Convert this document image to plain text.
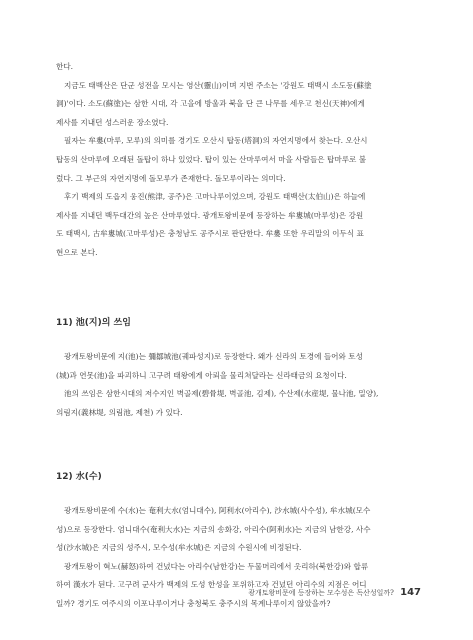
한다.
지금도 태백산은 단군 성전을 모시는 영산(靈山)이며 지번 주소는 '강원도 태백시 소도동(蘇塗
洞)'이다. 소도(蘇塗)는 삼한 시대, 각 고을에 방울과 북을 단 큰 나무를 세우고 천신(天神)에게
제사를 지내던 성스러운 장소였다.
필자는 牟婁(마루, 모루)의 의미를 경기도 오산시 탑동(塔洞)의 자연지명에서 찾는다. 오산시
탑동의 산마루에 오래된 돌탑이 하나 있었다. 탑이 있는 산마루여서 마을 사람들은 탑마루로 불
렀다. 그 부근의 자연지명에 돌모루가 존재한다. 돌모루이라는 의미다.
후기 백제의 도읍지 웅진(熊津, 공주)은 고마나루이었으며, 강원도 태백산(太伯山)은 하늘에
제사를 지내던 백두대간의 높은 산마루였다. 광개토왕비문에 등장하는 牟婁城(마루성)은 강원
도 태백시, 古牟婁城(고마루성)은 충청남도 공주시로 판단한다. 牟婁 또한 우리말의 이두식 표
현으로 본다.
11) 池(지)의 쓰임
광개토왕비문에 지(池)는 彌鄒城池(궤파성지)로 등장한다. 왜가 신라의 토경에 들어와 토성
(城)과 연못(池)을 파괴하니 고구려 태왕에게 아뢰을 물리쳐달라는 신라태금의 요청이다.
池의 쓰임은 삼한시대의 저수지인 벽골제(碧骨堤, 벽골池, 김제), 수산제(水産堤, 물나池, 밀양),
의림지(義林堤, 의림池, 제천) 가 있다.
12) 水(수)
광개토왕비문에 수(水)는 奄利大水(엄니대수), 阿利水(아리수), 沙水城(사수성), 牟水城(모수
성)으로 등장한다. 엄니대수(奄利大水)는 지금의 송화강, 아리수(阿利水)는 지금의 남한강, 사수
성(沙水城)은 지금의 성주시, 모수성(牟水城)은 지금의 수원시에 비정된다.
광개토왕이 혁노(赫怒)하여 건넜다는 아리수(남한강)는 두물머리에서 옷리하(북한강)와 합류
하여 漢水가 된다. 고구려 군사가 백제의 도성 한성을 포위하고자 건넜던 아리수의 지점은 어디
일까? 경기도 여주시의 이포나루이거나 충청북도 충주시의 목계나루이지 않았을까?
광개토왕비문에 등장하는 모수성은 독산성일까? 147
